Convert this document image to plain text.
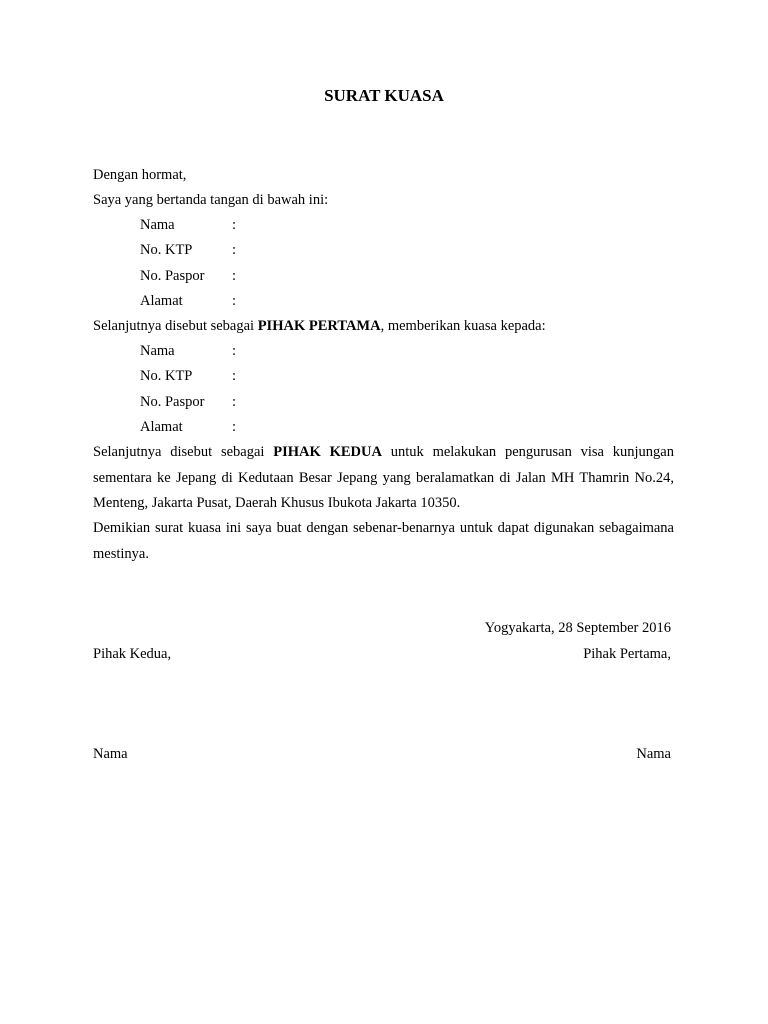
SURAT KUASA
Dengan hormat,
Saya yang bertanda tangan di bawah ini:
Nama	:
No. KTP	:
No. Paspor :
Alamat	:
Selanjutnya disebut sebagai PIHAK PERTAMA, memberikan kuasa kepada:
Nama	:
No. KTP	:
No. Paspor :
Alamat	:
Selanjutnya disebut sebagai PIHAK KEDUA untuk melakukan pengurusan visa kunjungan sementara ke Jepang di Kedutaan Besar Jepang yang beralamatkan di Jalan MH Thamrin No.24, Menteng, Jakarta Pusat, Daerah Khusus Ibukota Jakarta 10350.
Demikian surat kuasa ini saya buat dengan sebenar-benarnya untuk dapat digunakan sebagaimana mestinya.
Yogyakarta, 28 September 2016
Pihak Kedua,	Pihak Pertama,
Nama	Nama
